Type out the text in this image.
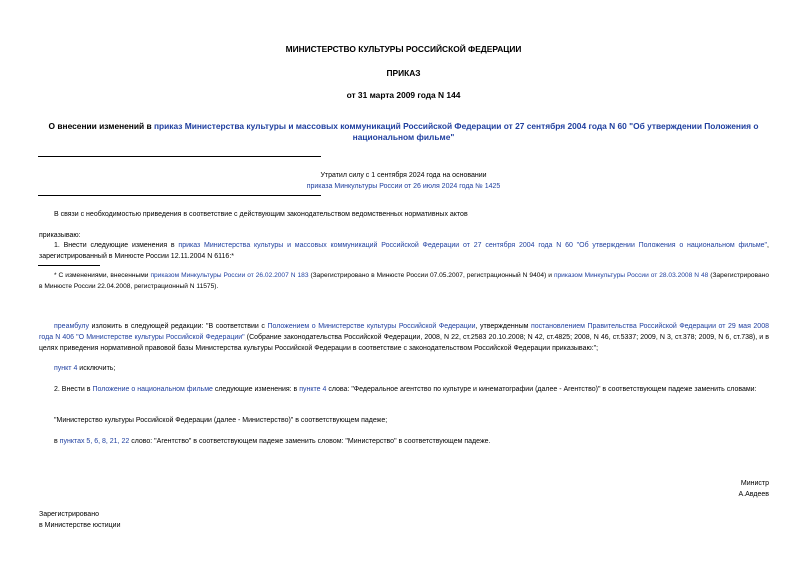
МИНИСТЕРСТВО КУЛЬТУРЫ РОССИЙСКОЙ ФЕДЕРАЦИИ
ПРИКАЗ
от 31 марта 2009 года N 144
О внесении изменений в приказ Министерства культуры и массовых коммуникаций Российской Федерации от 27 сентября 2004 года N 60 "Об утверждении Положения о национальном фильме"
Утратил силу с 1 сентября 2024 года на основании
приказа Минкультуры России от 26 июля 2024 года № 1425
В связи с необходимостью приведения в соответствие с действующим законодательством ведомственных нормативных актов
приказываю:
1. Внести следующие изменения в приказ Министерства культуры и массовых коммуникаций Российской Федерации от 27 сентября 2004 года N 60 "Об утверждении Положения о национальном фильме", зарегистрированный в Минюсте России 12.11.2004 N 6116:*
* С изменениями, внесенными приказом Минкультуры России от 26.02.2007 N 183 (Зарегистрировано в Минюсте России 07.05.2007, регистрационный N 9404) и приказом Минкультуры России от 28.03.2008 N 48 (Зарегистрировано в Минюсте России 22.04.2008, регистрационный N 11575).
преамбулу изложить в следующей редакции: "В соответствии с Положением о Министерстве культуры Российской Федерации, утвержденным постановлением Правительства Российской Федерации от 29 мая 2008 года N 406 "О Министерстве культуры Российской Федерации" (Собрание законодательства Российской Федерации, 2008, N 22, ст.2583 20.10.2008; N 42, ст.4825; 2008, N 46, ст.5337; 2009, N 3, ст.378; 2009, N 6, ст.738), и в целях приведения нормативной правовой базы Министерства культуры Российской Федерации в соответствие с законодательством Российской Федерации приказываю:";
пункт 4 исключить;
2. Внести в Положение о национальном фильме следующие изменения: в пункте 4 слова: "Федеральное агентство по культуре и кинематографии (далее - Агентство)" в соответствующем падеже заменить словами:
"Министерство культуры Российской Федерации (далее - Министерство)" в соответствующем падеже;
в пунктах 5, 6, 8, 21, 22 слово: "Агентство" в соответствующем падеже заменить словом: "Министерство" в соответствующем падеже.
Министр
А.Авдеев
Зарегистрировано
в Министерстве юстиции
